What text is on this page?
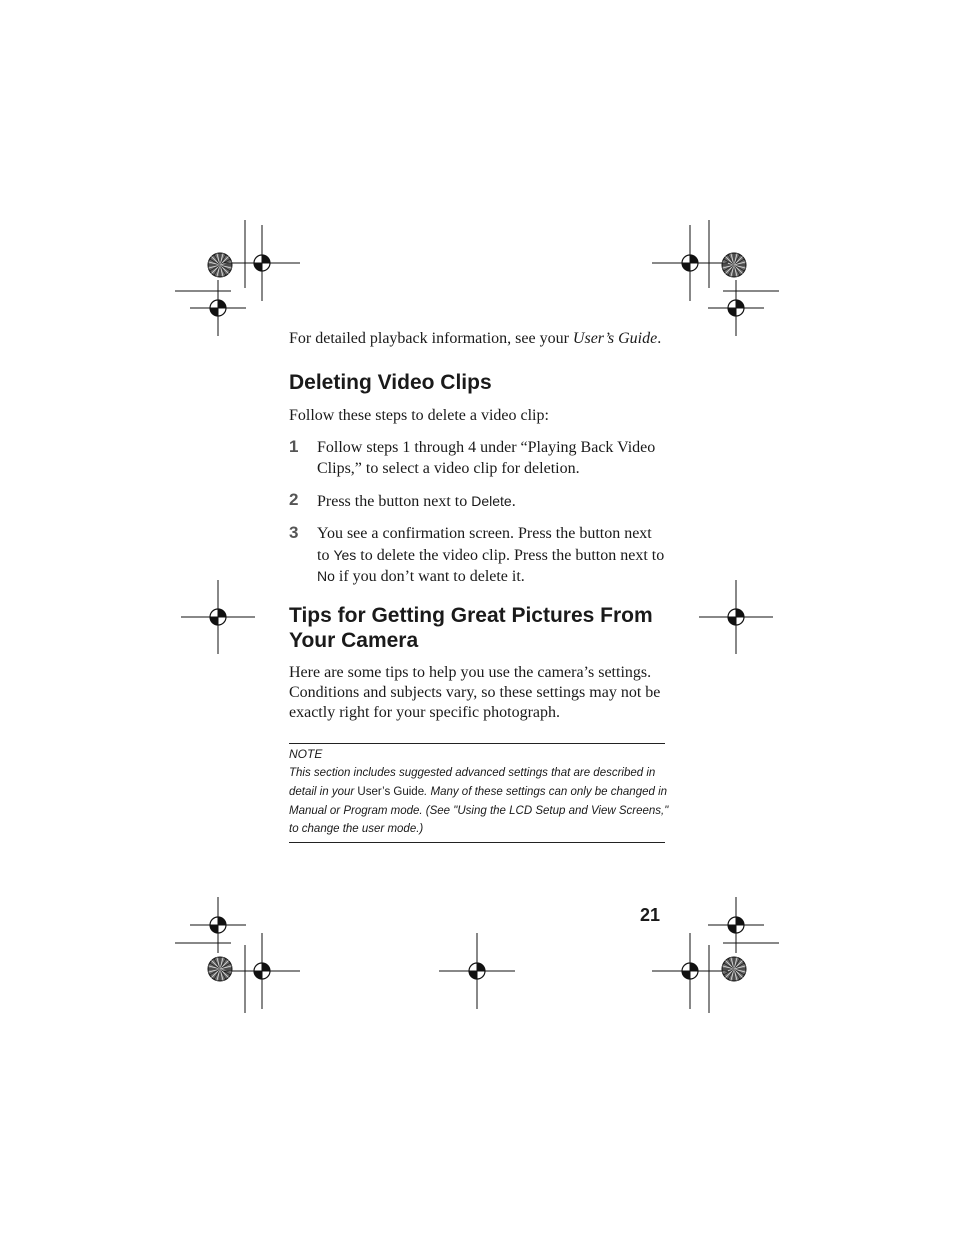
For detailed playback information, see your User’s Guide.
Deleting Video Clips

Follow these steps to delete a video clip:

1 Follow steps 1 through 4 under “Playing Back Video Clips,” to select a video clip for deletion.
2 Press the button next to Delete.
3 You see a confirmation screen. Press the button next to Yes to delete the video clip. Press the button next to No if you don’t want to delete it.
Tips for Getting Great Pictures From Your Camera

Here are some tips to help you use the camera’s settings. Conditions and subjects vary, so these settings may not be exactly right for your specific photograph.

NOTE
This section includes suggested advanced settings that are described in detail in your User’s Guide. Many of these settings can only be changed in Manual or Program mode. (See "Using the LCD Setup and View Screens," to change the user mode.)
21
